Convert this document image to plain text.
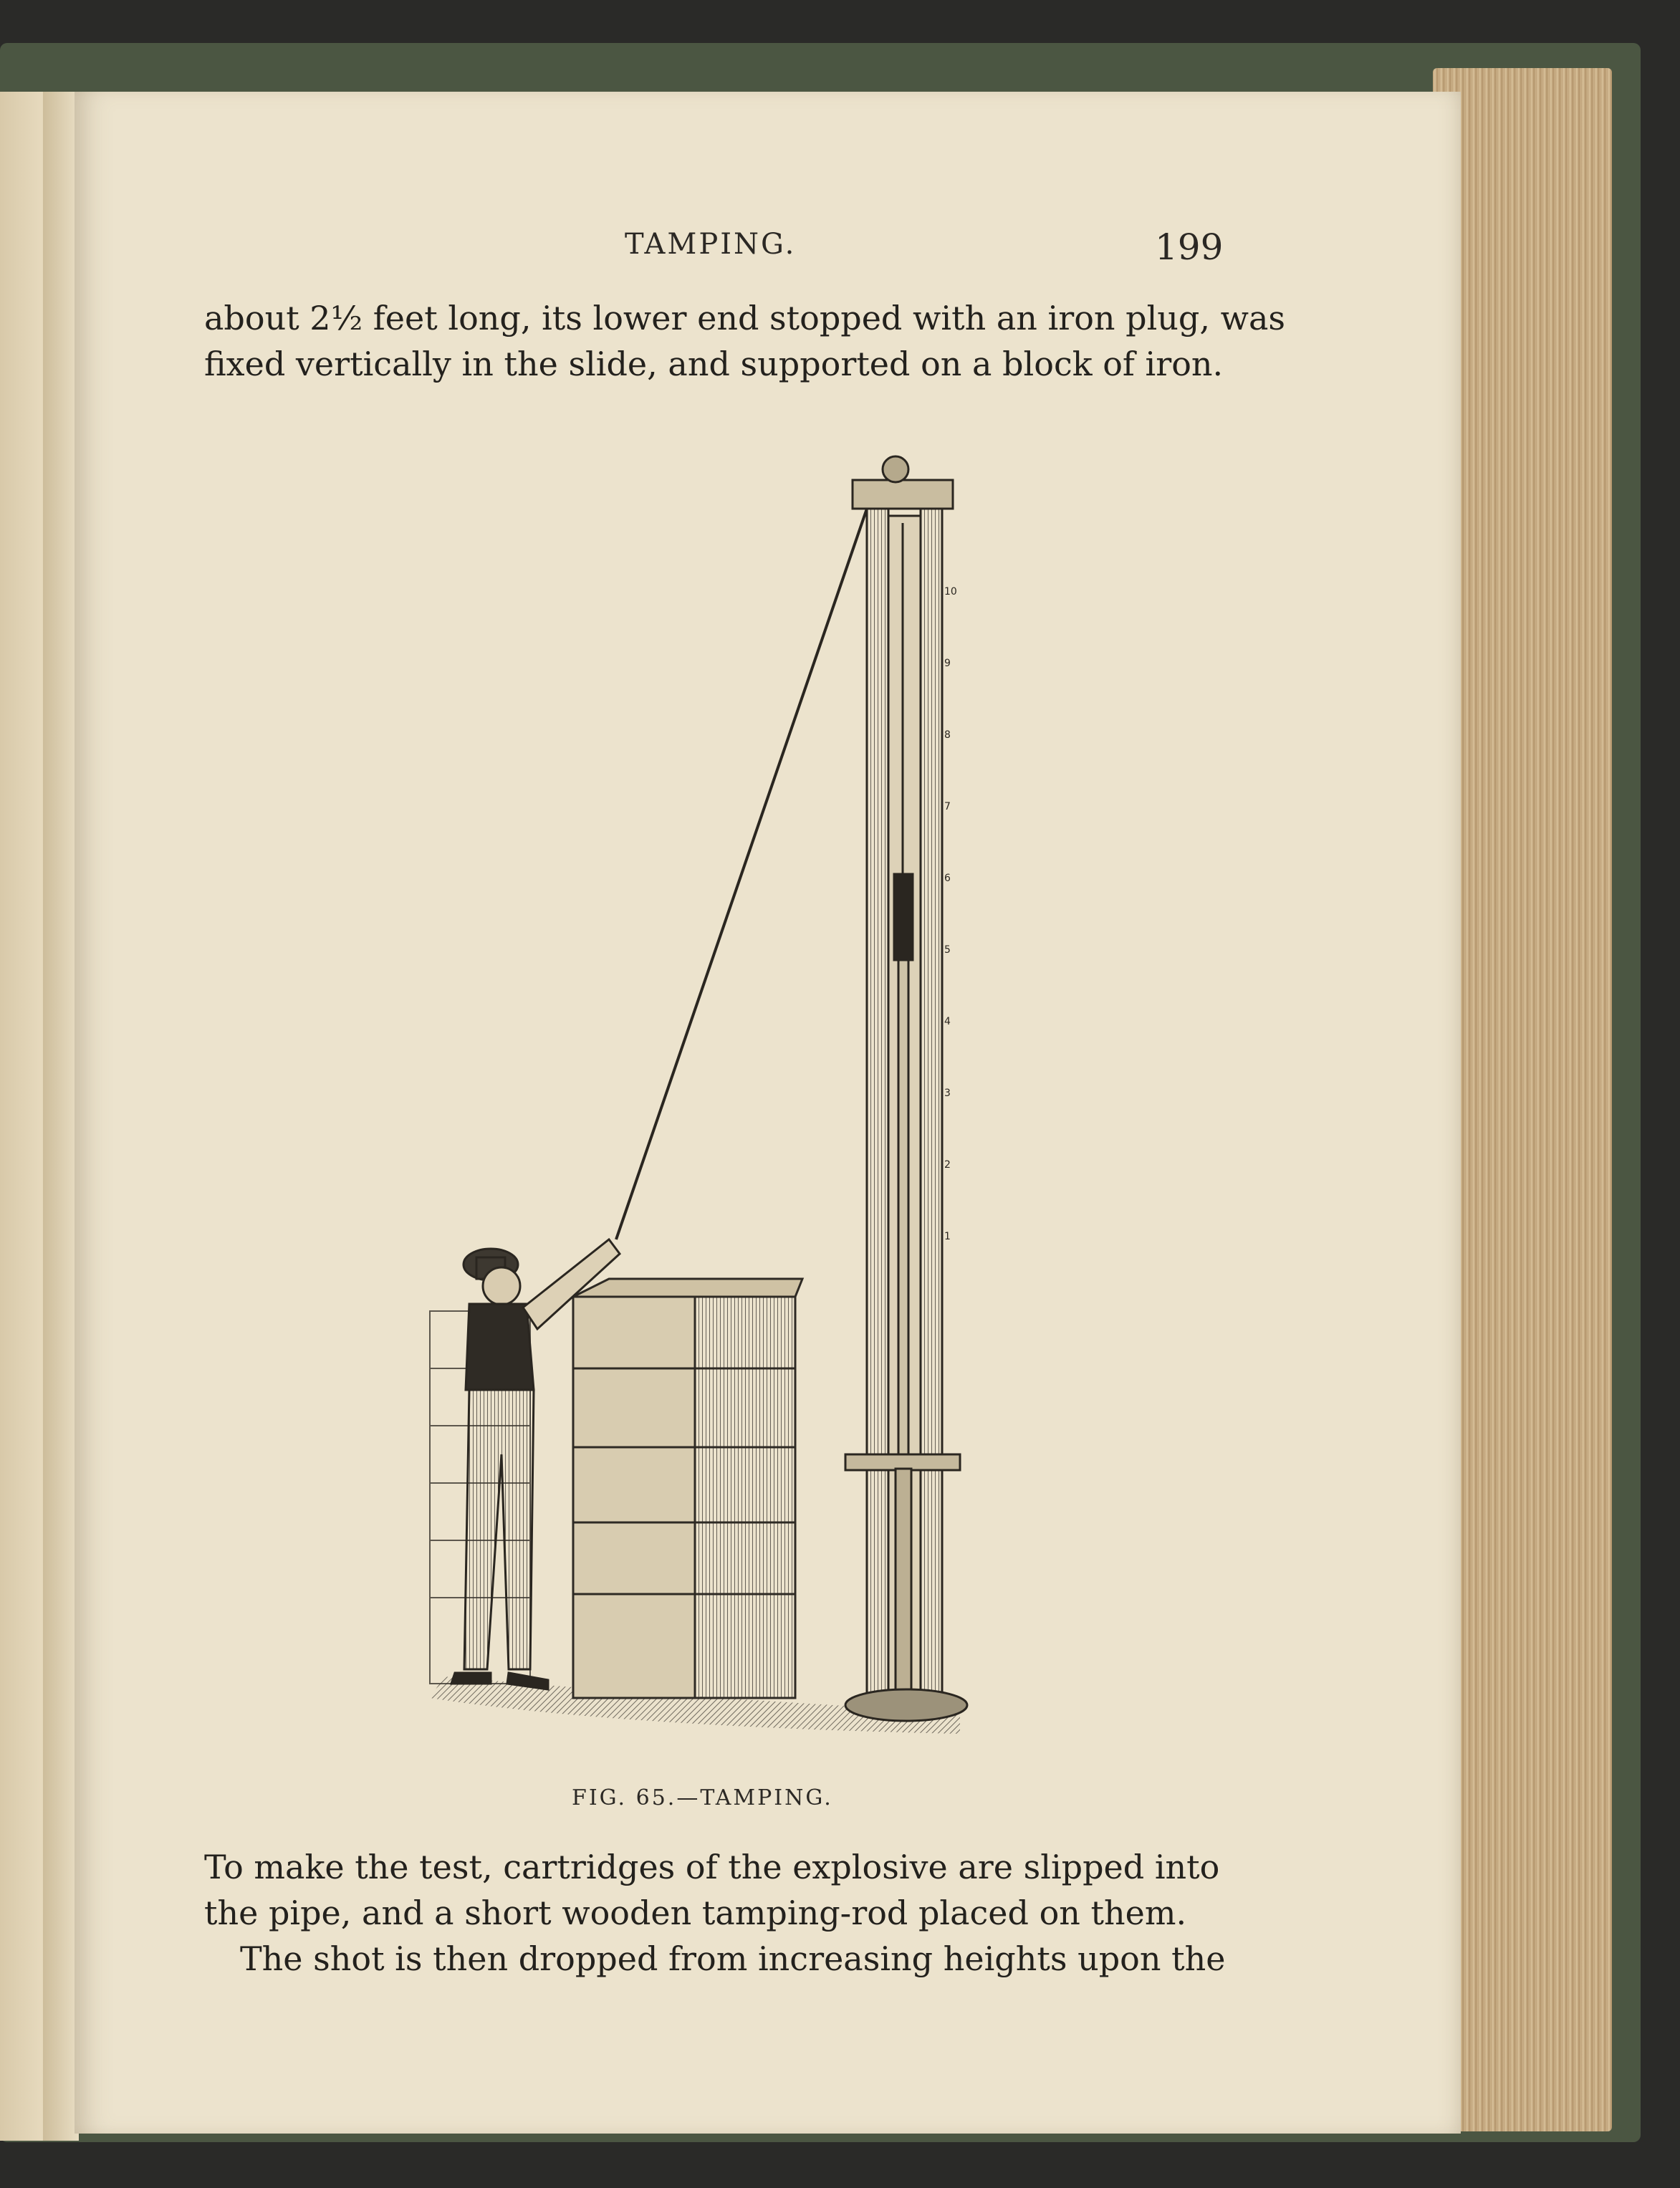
TAMPING.	199
about 2½ feet long, its lower end stopped with an iron plug, was
fixed vertically in the slide, and supported on a block of iron.
10
9
8
7
6
5
4
3
2
1
FIG. 65.—TAMPING.
To make the test, cartridges of the explosive are slipped into
the pipe, and a short wooden tamping-rod placed on them.
The shot is then dropped from increasing heights upon the
